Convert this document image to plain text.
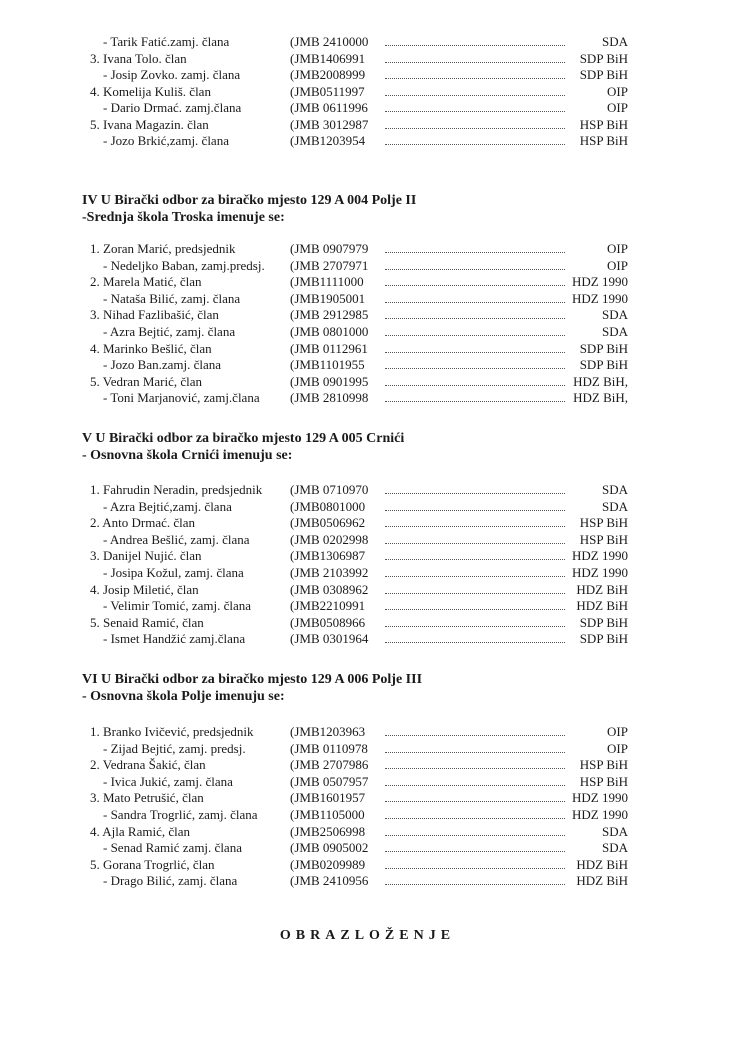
- Tarik Fatić.zamj. člana	(JMB 2410000	SDA
3. Ivana Tolo. član	(JMB1406991	SDP BiH
- Josip Zovko. zamj. člana	(JMB2008999	SDP BiH
4. Komelija Kuliš. član	(JMB0511997	OIP
- Dario Drmać. zamj.člana	(JMB 0611996	OIP
5. Ivana Magazin. član	(JMB 3012987	HSP BiH
- Jozo Brkić,zamj. člana	(JMB1203954	HSP BiH
IV U Birački odbor za biračko mjesto 129 A 004 Polje II
-Srednja škola Troska imenuje se:
1. Zoran Marić, predsjednik	(JMB 0907979	OIP
- Nedeljko Baban, zamj.predsj. (JMB 2707971	OIP
2. Marela Matić, član	(JMB1111000	HDZ 1990
- Nataša Bilić, zamj. člana	(JMB1905001	HDZ 1990
3. Nihad Fazlibašić, član	(JMB 2912985	SDA
- Azra Bejtić, zamj. člana	(JMB 0801000	SDA
4. Marinko Bešlić, član	(JMB 0112961	SDP BiH
- Jozo Ban.zamj. člana	(JMB1101955	SDP BiH
5. Vedran Marić, član	(JMB 0901995	HDZ BiH,
- Toni Marjanović, zamj.člana (JMB 2810998	HDZ BiH,
V U Birački odbor za biračko mjesto 129 A 005 Crnići
- Osnovna škola Crnići imenuju se:
1. Fahrudin Neradin, predsjednik (JMB 0710970	SDA
- Azra Bejtić,zamj. člana	(JMB0801000	SDA
2. Anto Drmać. član	(JMB0506962	HSP BiH
- Andrea Bešlić, zamj. člana	(JMB 0202998	HSP BiH
3. Danijel Nujić. član	(JMB1306987	HDZ 1990
- Josipa Kožul, zamj. člana	(JMB 2103992	HDZ 1990
4. Josip Miletić, član	(JMB 0308962	HDZ BiH
- Velimir Tomić, zamj. člana	(JMB2210991	HDZ BiH
5. Senaid Ramić, član	(JMB0508966	SDP BiH
- Ismet Handžić zamj.člana	(JMB 0301964	SDP BiH
VI U Birački odbor za biračko mjesto 129 A 006 Polje III
- Osnovna škola Polje imenuju se:
1. Branko Ivičević, predsjednik	(JMB1203963	OIP
- Zijad Bejtić, zamj. predsj.	(JMB 0110978	OIP
2. Vedrana Šakić, član	(JMB 2707986	HSP BiH
- Ivica Jukić, zamj. člana	(JMB 0507957	HSP BiH
3. Mato Petrušić, član	(JMB1601957	HDZ 1990
- Sandra Trogrlić, zamj. člana (JMB1105000	HDZ 1990
4. Ajla Ramić, član	(JMB2506998	SDA
- Senad Ramić zamj. člana	(JMB 0905002	SDA
5. Gorana Trogrlić, član	(JMB0209989	HDZ BiH
- Drago Bilić, zamj. člana	(JMB 2410956	HDZ BiH
OBRAZLOŽENJE
